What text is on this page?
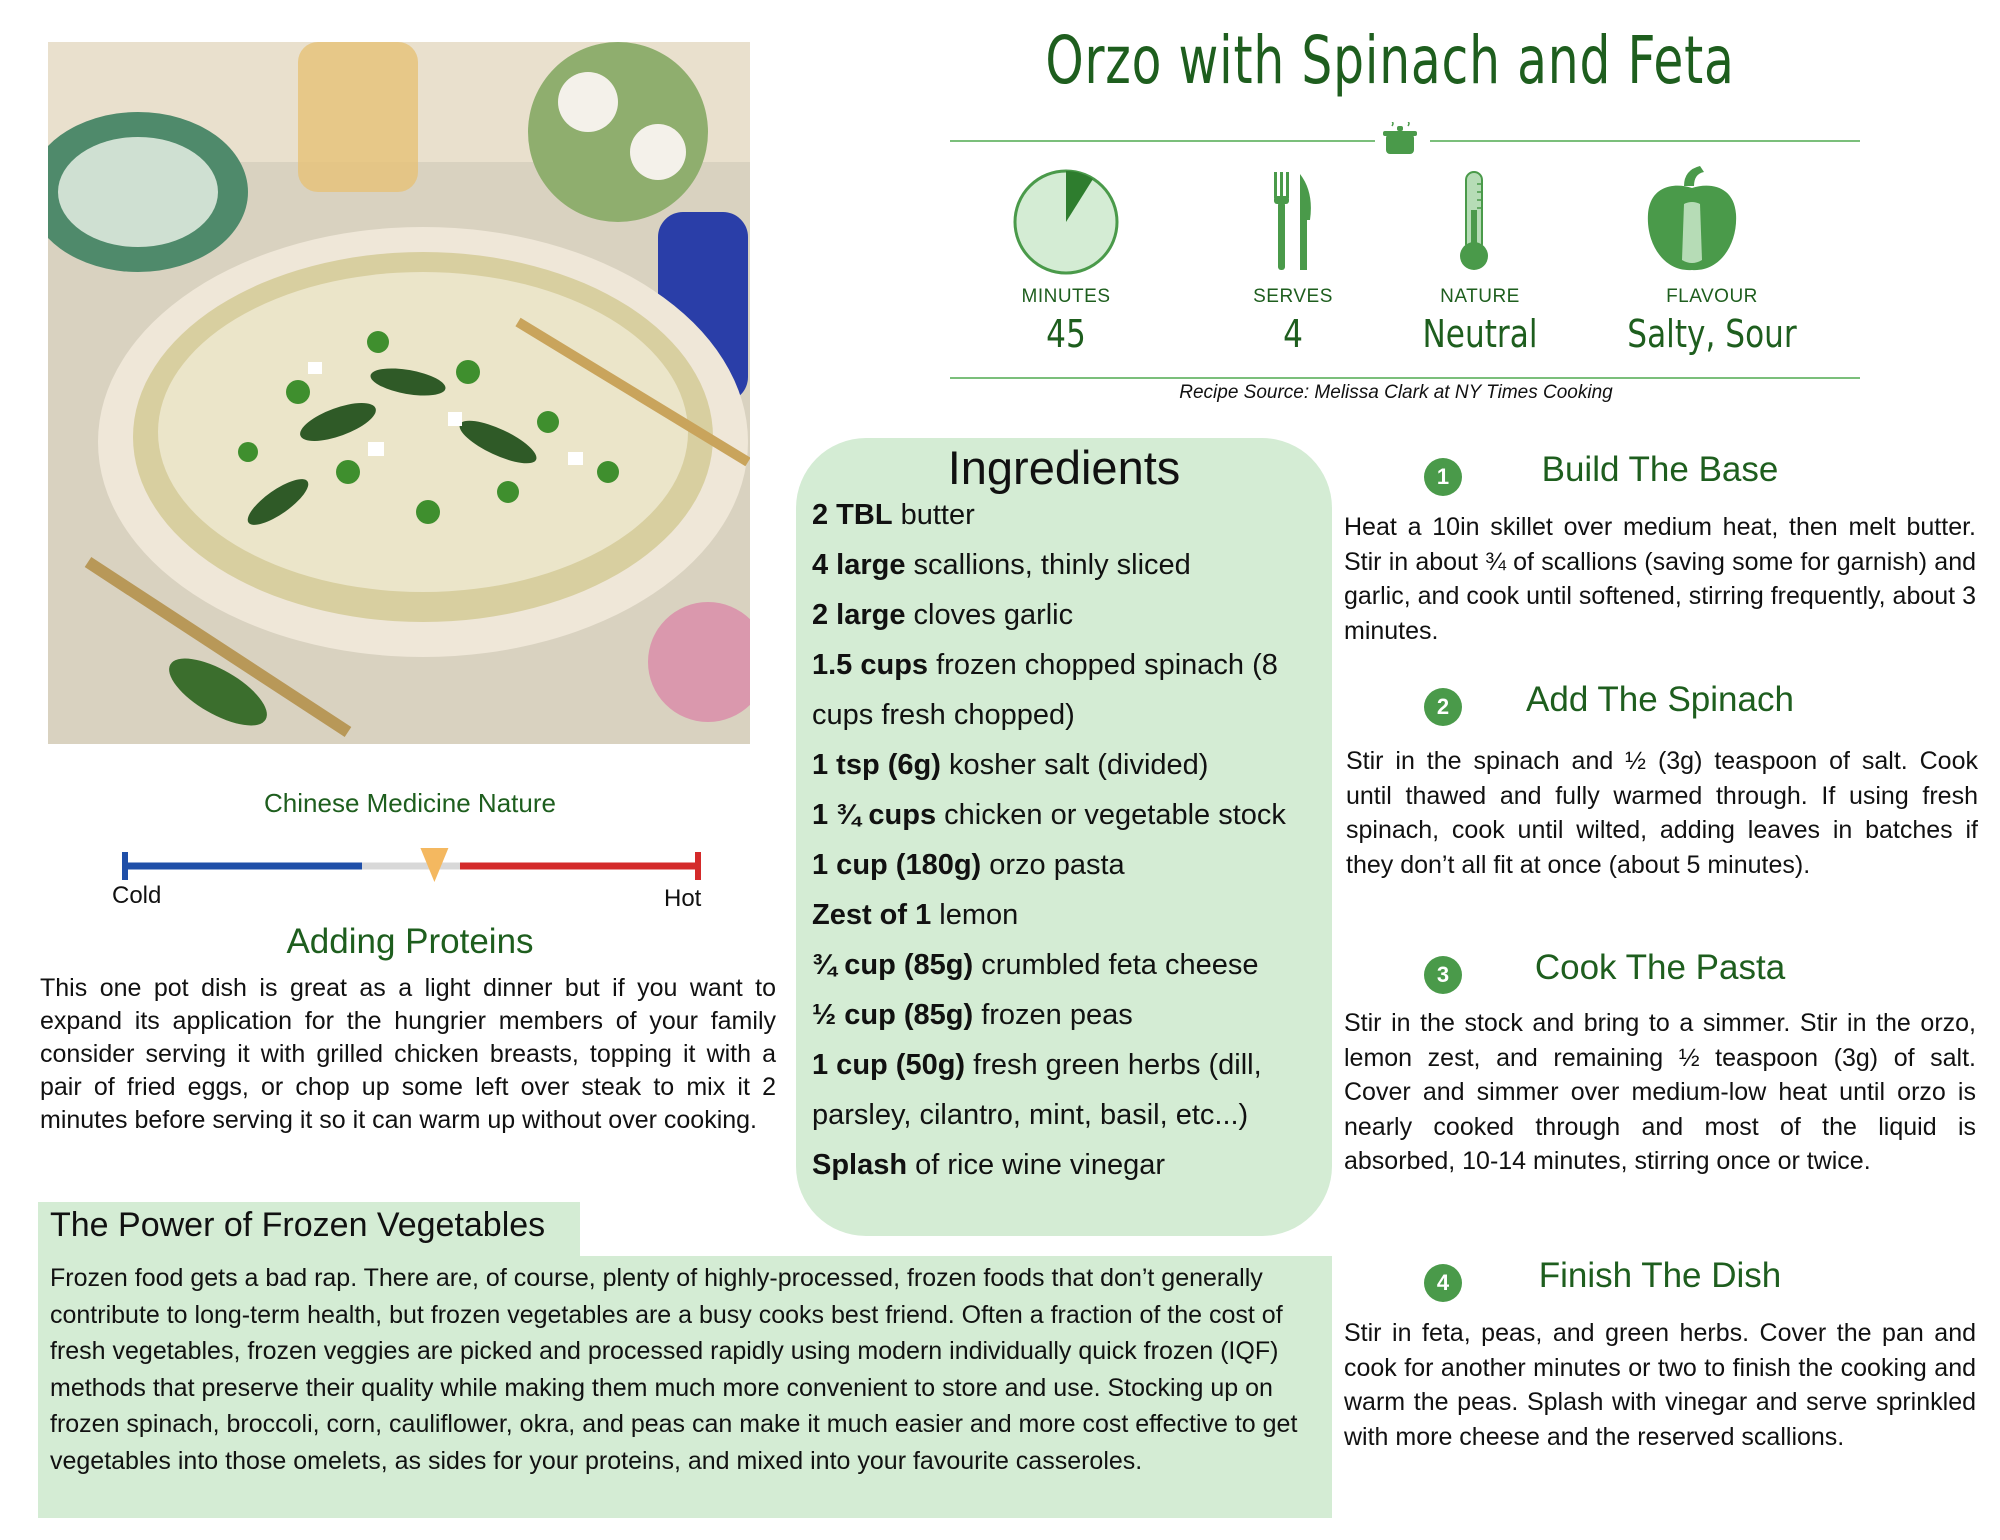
Orzo with Spinach and Feta
MINUTES
45
SERVES
4
NATURE
Neutral
FLAVOUR
Salty, Sour
Recipe Source: Melissa Clark at NY Times Cooking
Chinese Medicine Nature
Cold	Hot
Adding Proteins
This one pot dish is great as a light dinner but if you want to expand its application for the hungrier members of your family consider serving it with grilled chicken breasts, topping it with a pair of fried eggs, or chop up some left over steak to mix it 2 minutes before serving it so it can warm up without over cooking.
The Power of Frozen Vegetables
Frozen food gets a bad rap. There are, of course, plenty of highly-processed, frozen foods that don’t generally contribute to long-term health, but frozen vegetables are a busy cooks best friend. Often a fraction of the cost of fresh vegetables, frozen veggies are picked and processed rapidly using modern individually quick frozen (IQF) methods that preserve their quality while making them much more convenient to store and use. Stocking up on frozen spinach, broccoli, corn, cauliflower, okra, and peas can make it much easier and more cost effective to get vegetables into those omelets, as sides for your proteins, and mixed into your favourite casseroles.
Ingredients
2 TBL butter
4 large scallions, thinly sliced
2 large cloves garlic
1.5 cups frozen chopped spinach (8 cups fresh chopped)
1 tsp (6g) kosher salt (divided)
1 ¾ cups chicken or vegetable stock
1 cup (180g) orzo pasta
Zest of 1 lemon
¾ cup (85g) crumbled feta cheese
½ cup (85g) frozen peas
1 cup (50g) fresh green herbs (dill, parsley, cilantro, mint, basil, etc...)
Splash of rice wine vinegar
1	Build The Base
Heat a 10in skillet over medium heat, then melt butter. Stir in about ¾ of scallions (saving some for garnish) and garlic, and cook until softened, stirring frequently, about 3 minutes.
2	Add The Spinach
Stir in the spinach and ½ (3g) teaspoon of salt. Cook until thawed and fully warmed through. If using fresh spinach, cook until wilted, adding leaves in batches if they don’t all fit at once (about 5 minutes).
3	Cook The Pasta
Stir in the stock and bring to a simmer. Stir in the orzo, lemon zest, and remaining ½ teaspoon (3g) of salt. Cover and simmer over medium-low heat until orzo is nearly cooked through and most of the liquid is absorbed, 10-14 minutes, stirring once or twice.
4	Finish The Dish
Stir in feta, peas, and green herbs. Cover the pan and cook for another minutes or two to finish the cooking and warm the peas. Splash with vinegar and serve sprinkled with more cheese and the reserved scallions.
